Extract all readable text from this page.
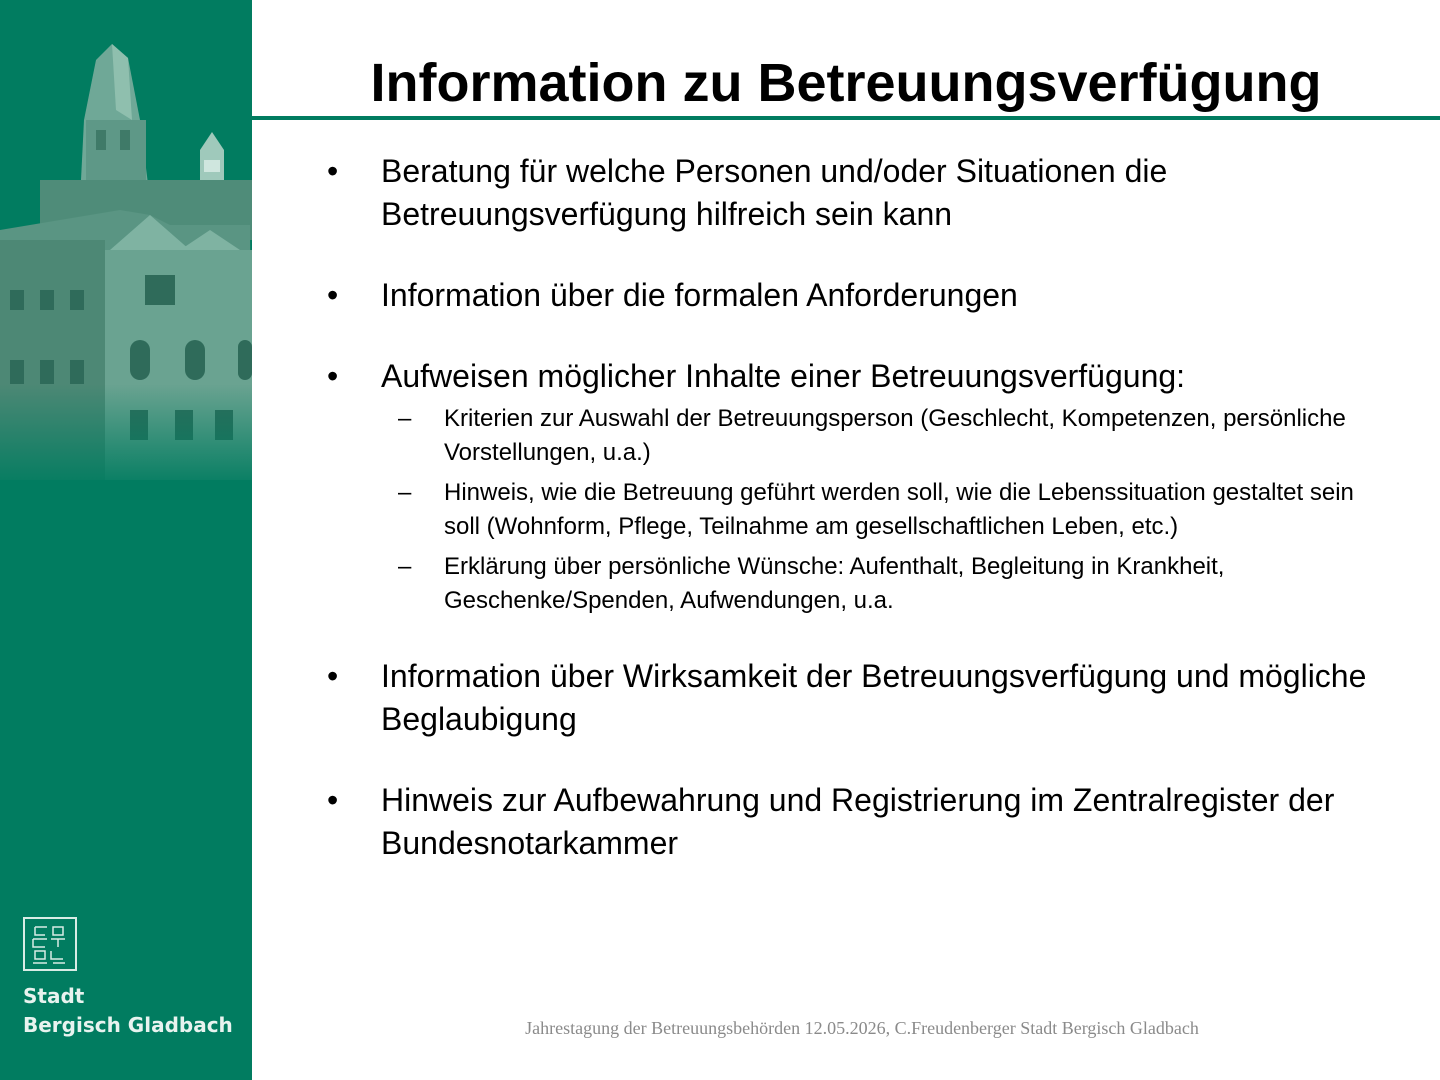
Stadt
Bergisch Gladbach
Information zu Betreuungsverfügung
• Beratung für welche Personen und/oder Situationen die Betreuungsverfügung hilfreich sein kann
• Information über die formalen Anforderungen
• Aufweisen möglicher Inhalte einer Betreuungsverfügung:
– Kriterien zur Auswahl der Betreuungsperson (Geschlecht, Kompetenzen, persönliche Vorstellungen, u.a.)
– Hinweis, wie die Betreuung geführt werden soll, wie die Lebenssituation gestaltet sein soll (Wohnform, Pflege, Teilnahme am gesellschaftlichen Leben, etc.)
– Erklärung über persönliche Wünsche: Aufenthalt, Begleitung in Krankheit, Geschenke/Spenden, Aufwendungen, u.a.
• Information über Wirksamkeit der Betreuungsverfügung und mögliche Beglaubigung
• Hinweis zur Aufbewahrung und Registrierung im Zentralregister der Bundesnotarkammer
Jahrestagung der Betreuungsbehörden 12.05.2026, C.Freudenberger Stadt Bergisch Gladbach
